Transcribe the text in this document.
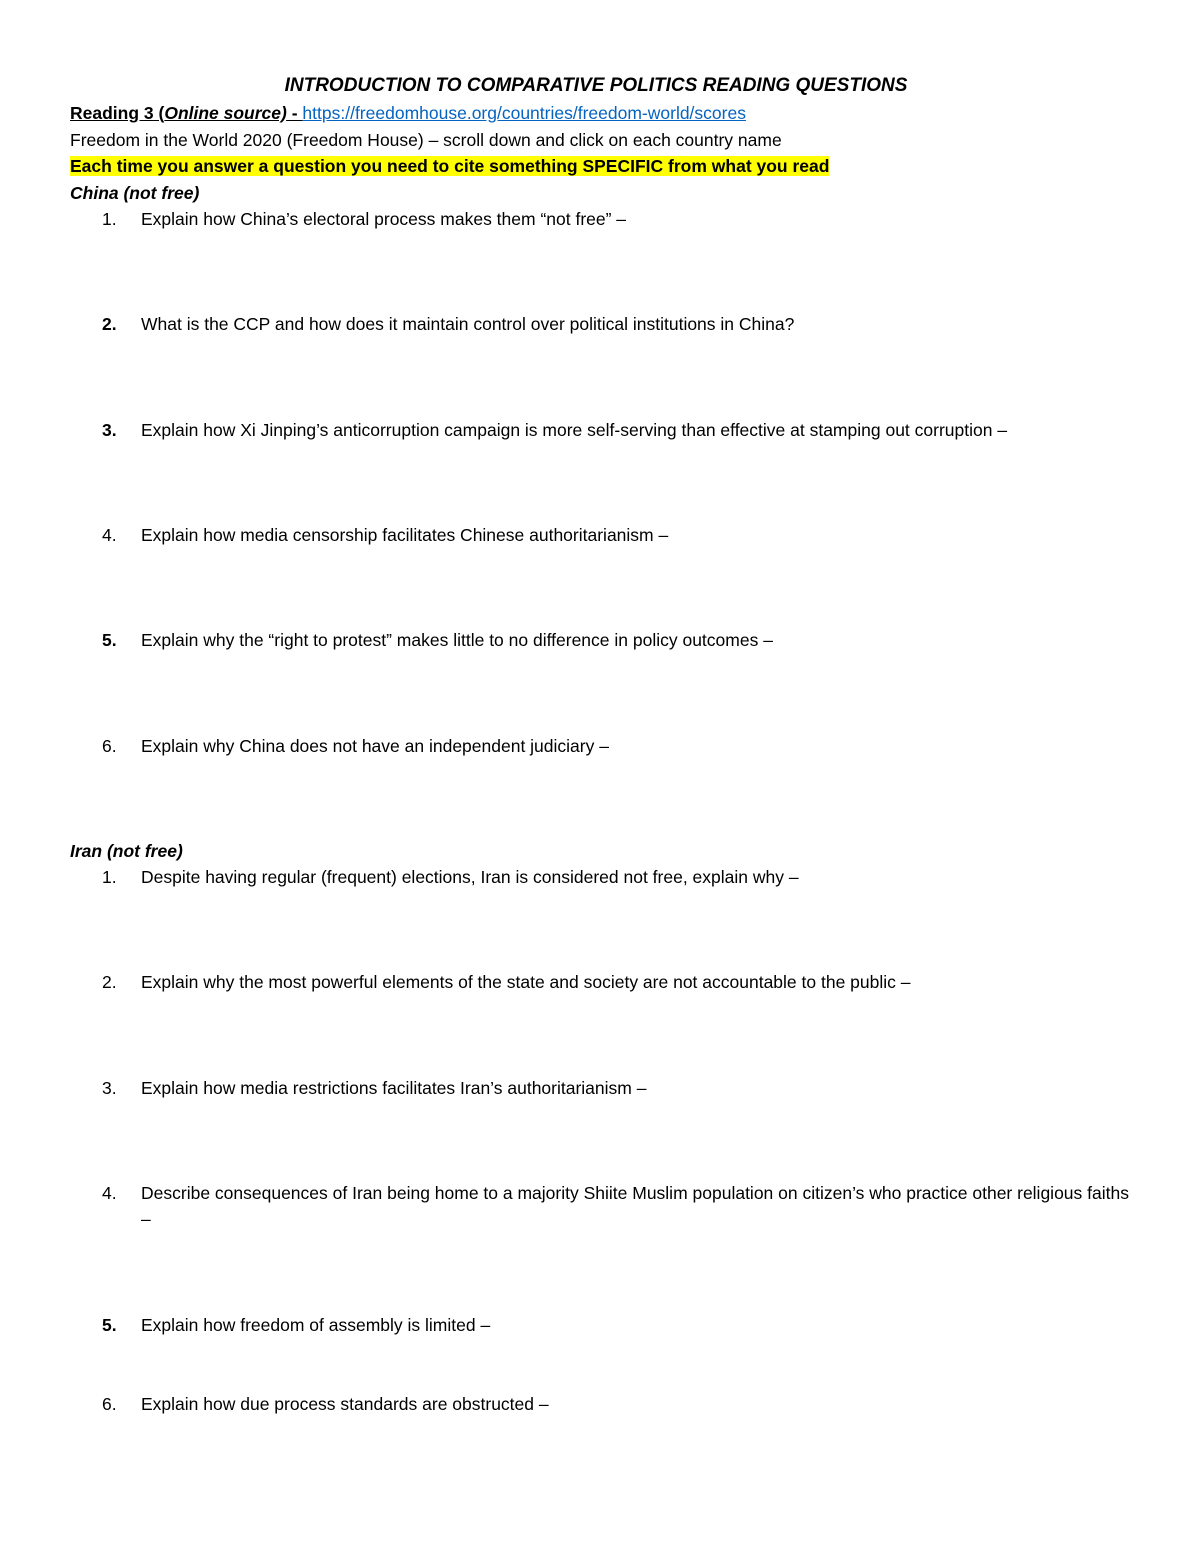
INTRODUCTION TO COMPARATIVE POLITICS READING QUESTIONS
Reading 3 (Online source) - https://freedomhouse.org/countries/freedom-world/scores
Freedom in the World 2020 (Freedom House) – scroll down and click on each country name
Each time you answer a question you need to cite something SPECIFIC from what you read
China (not free)
1.	Explain how China’s electoral process makes them “not free” –
2.	What is the CCP and how does it maintain control over political institutions in China?
3.	Explain how Xi Jinping’s anticorruption campaign is more self-serving than effective at stamping out corruption –
4.	Explain how media censorship facilitates Chinese authoritarianism –
5.	Explain why the “right to protest” makes little to no difference in policy outcomes –
6.	Explain why China does not have an independent judiciary –
Iran (not free)
1.	Despite having regular (frequent) elections, Iran is considered not free, explain why –
2.	Explain why the most powerful elements of the state and society are not accountable to the public –
3.	Explain how media restrictions facilitates Iran’s authoritarianism –
4.	Describe consequences of Iran being home to a majority Shiite Muslim population on citizen’s who practice other religious faiths –
5.	Explain how freedom of assembly is limited –
6.	Explain how due process standards are obstructed –
